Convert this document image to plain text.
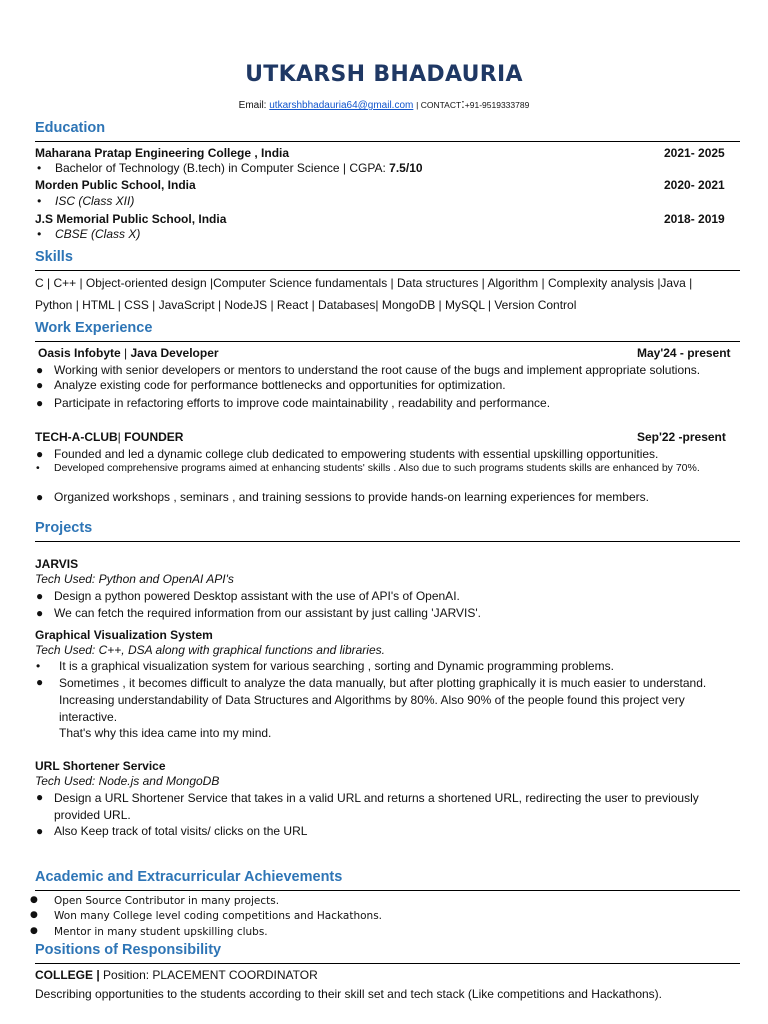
UTKARSH BHADAURIA
Email: utkarshbhadauria64@gmail.com | CONTACT:+91-9519333789
Education
Maharana Pratap Engineering College , India	2021- 2025
• Bachelor of Technology (B.tech) in Computer Science | CGPA: 7.5/10
Morden Public School, India	2020- 2021
• ISC (Class XII)
J.S Memorial Public School, India	2018- 2019
• CBSE (Class X)
Skills
C | C++ | Object-oriented design |Computer Science fundamentals | Data structures | Algorithm | Complexity analysis |Java |
Python | HTML | CSS | JavaScript | NodeJS | React | Databases| MongoDB | MySQL | Version Control
Work Experience
Oasis Infobyte | Java Developer	May'24 - present
● Working with senior developers or mentors to understand the root cause of the bugs and implement appropriate solutions.
● Analyze existing code for performance bottlenecks and opportunities for optimization.
● Participate in refactoring efforts to improve code maintainability , readability and performance.
TECH-A-CLUB| FOUNDER	Sep'22 -present
● Founded and led a dynamic college club dedicated to empowering students with essential upskilling opportunities.
• Developed comprehensive programs aimed at enhancing students' skills . Also due to such programs students skills are enhanced by 70%.
● Organized workshops , seminars , and training sessions to provide hands-on learning experiences for members.
Projects
JARVIS
Tech Used: Python and OpenAI API's
● Design a python powered Desktop assistant with the use of API's of OpenAI.
● We can fetch the required information from our assistant by just calling 'JARVIS'.
Graphical Visualization System
Tech Used: C++, DSA along with graphical functions and libraries.
• It is a graphical visualization system for various searching , sorting and Dynamic programming problems.
● Sometimes , it becomes difficult to analyze the data manually, but after plotting graphically it is much easier to understand. Increasing understandability of Data Structures and Algorithms by 80%. Also 90% of the people found this project very interactive.
That's why this idea came into my mind.
URL Shortener Service
Tech Used: Node.js and MongoDB
● Design a URL Shortener Service that takes in a valid URL and returns a shortened URL, redirecting the user to previously provided URL.
● Also Keep track of total visits/ clicks on the URL
Academic and Extracurricular Achievements
● Open Source Contributor in many projects.
● Won many College level coding competitions and Hackathons.
● Mentor in many student upskilling clubs.
Positions of Responsibility
COLLEGE | Position: PLACEMENT COORDINATOR
Describing opportunities to the students according to their skill set and tech stack (Like competitions and Hackathons).
